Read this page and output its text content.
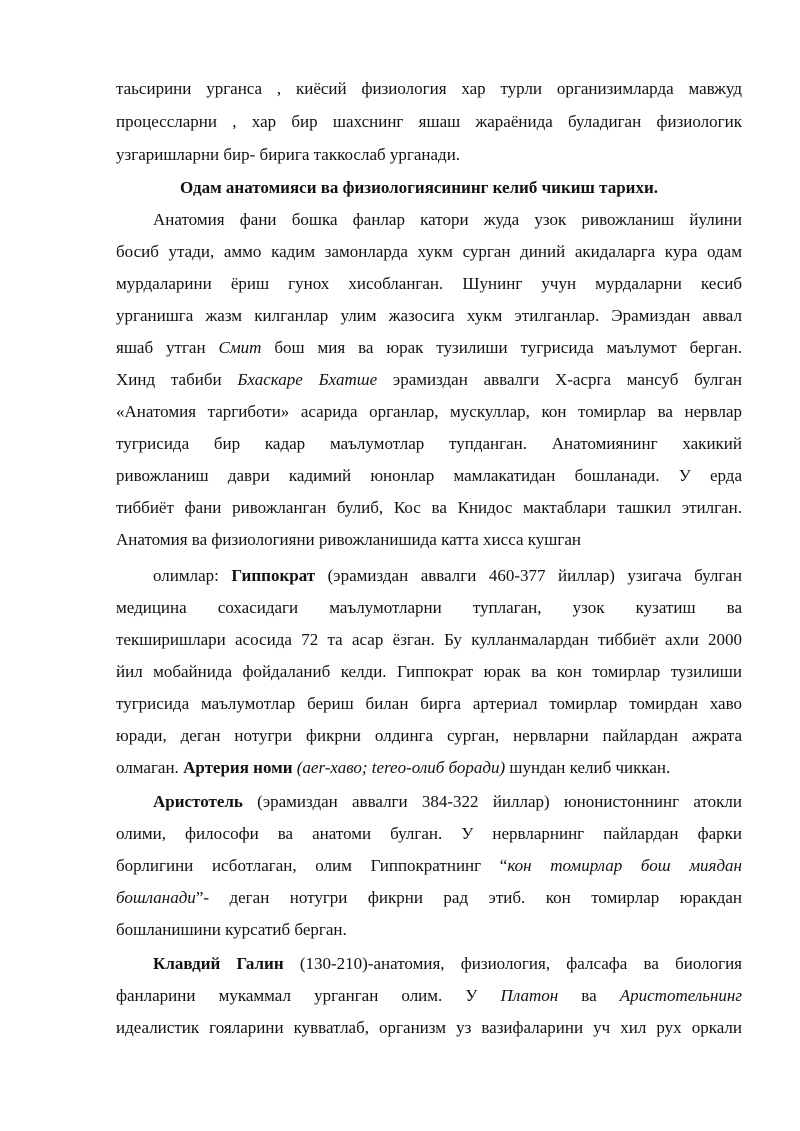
таьсирини урганса , киёсий физиология хар турли организимларда мавжуд
процессларни , хар бир шахснинг яшаш жараёнида буладиган физиологик
узгаришларни бир- бирига таккослаб урганади.
Одам анатомияси ва физиологиясининг келиб чикиш тарихи.
Анатомия фани бошка фанлар катори жуда узок ривожланиш йулини
босиб утади, аммо кадим замонларда хукм сурган диний акидаларга кура одам
мурдаларини ёриш гунох хисобланган. Шунинг учун мурдаларни кесиб
урганишга жазм килганлар улим жазосига хукм этилганлар. Эрамиздан аввал
яшаб утган Смит бош мия ва юрак тузилиши тугрисида маълумот берган.
Хинд табиби Бхаскаре Бхатше эрамиздан аввалги Х-асрга мансуб булган
«Анатомия таргиботи» асарида органлар, мускуллар, кон томирлар ва нервлар
тугрисида бир кадар маълумотлар тупданган. Анатомиянинг хакикий
ривожланиш даври кадимий юнонлар мамлакатидан бошланади. У ерда
тиббиёт фани ривожланган булиб, Кос ва Книдос мактаблари ташкил этилган.
Анатомия ва физиологияни ривожланишида катта хисса кушган
олимлар: Гиппократ (эрамиздан аввалги 460-377 йиллар) узигача булган
медицина сохасидаги маълумотларни туплаган, узок кузатиш ва
текширишлари асосида 72 та асар ёзган. Бу кулланмалардан тиббиёт ахли 2000
йил мобайнида фойдаланиб келди. Гиппократ юрак ва кон томирлар тузилиши
тугрисида маълумотлар бериш билан бирга артериал томирлар томирдан хаво
юради, деган нотугри фикрни олдинга сурган, нервларни пайлардан ажрата
олмаган. Артерия номи (aer-хаво; tereо-олиб боради) шундан келиб чиккан.
Аристотель (эрамиздан аввалги 384-322 йиллар) юнонистоннинг атокли
олими, философи ва анатоми булган. У нервларнинг пайлардан фарки
борлигини исботлаган, олим Гиппократнинг “кон томирлар бош миядан
бошланади”- деган нотугри фикрни рад этиб. кон томирлар юракдан
бошланишини курсатиб берган.
Клавдий Галин (130-210)-анатомия, физиология, фалсафа ва биология
фанларини мукаммал урганган олим. У Платон ва Аристотельнинг
идеалистик гояларини кувватлаб, организм уз вазифаларини уч хил рух оркали
